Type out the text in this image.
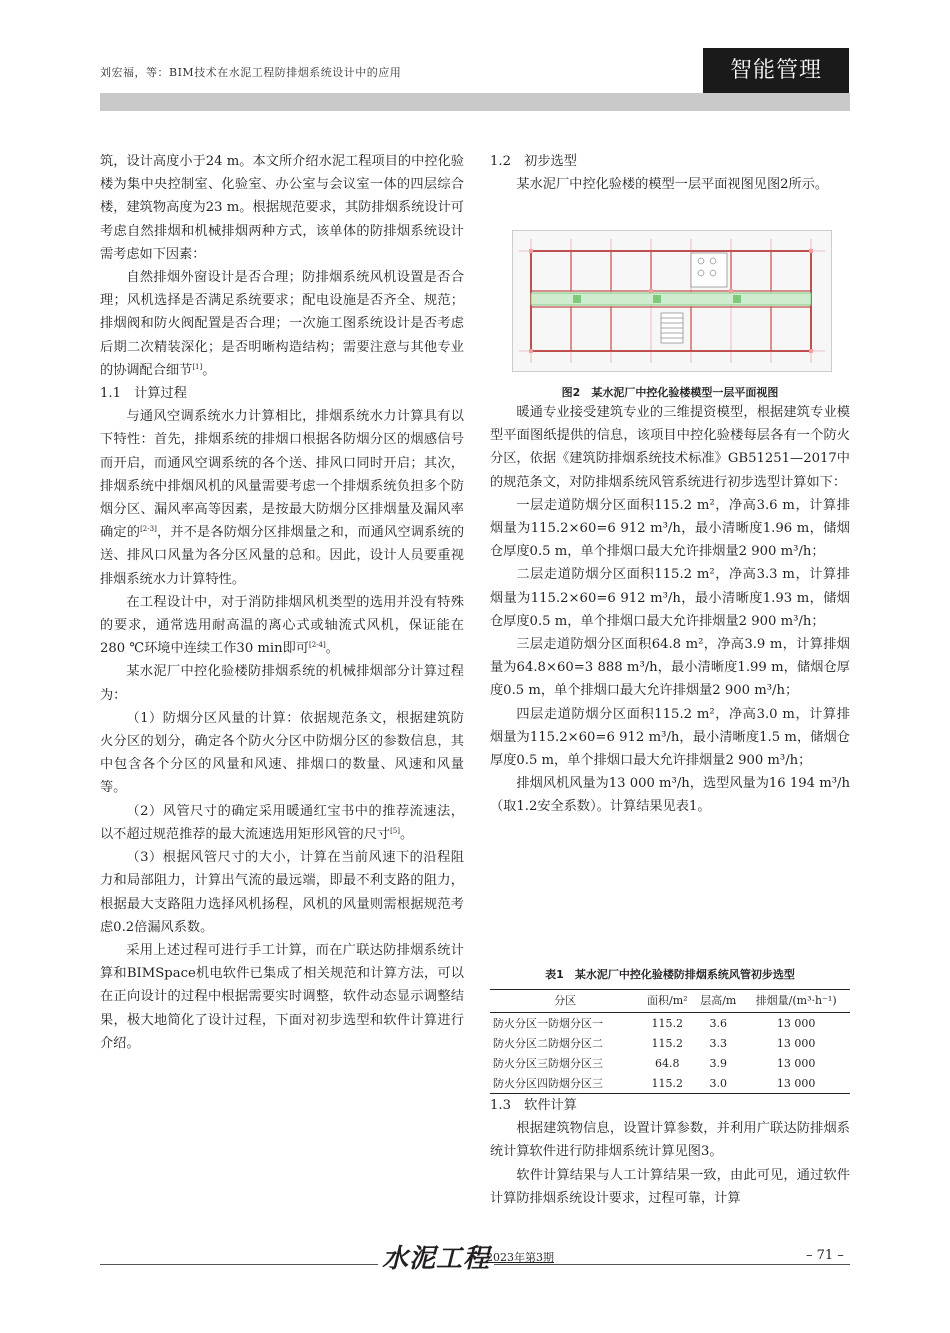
刘宏福，等：BIM技术在水泥工程防排烟系统设计中的应用	智能管理

筑，设计高度小于24 m。本文所介绍水泥工程项目的中控化验楼为集中央控制室、化验室、办公室与会议室一体的四层综合楼，建筑物高度为23 m。根据规范要求，其防排烟系统设计可考虑自然排烟和机械排烟两种方式，该单体的防排烟系统设计需考虑如下因素：

自然排烟外窗设计是否合理；防排烟系统风机设置是否合理；风机选择是否满足系统要求；配电设施是否齐全、规范；排烟阀和防火阀配置是否合理；一次施工图系统设计是否考虑后期二次精装深化；是否明晰构造结构；需要注意与其他专业的协调配合细节[1]。

1.1　计算过程

与通风空调系统水力计算相比，排烟系统水力计算具有以下特性：首先，排烟系统的排烟口根据各防烟分区的烟感信号而开启，而通风空调系统的各个送、排风口同时开启；其次，排烟系统中排烟风机的风量需要考虑一个排烟系统负担多个防烟分区、漏风率高等因素，是按最大防烟分区排烟量及漏风率确定的[2-3]，并不是各防烟分区排烟量之和，而通风空调系统的送、排风口风量为各分区风量的总和。因此，设计人员要重视排烟系统水力计算特性。

在工程设计中，对于消防排烟风机类型的选用并没有特殊的要求，通常选用耐高温的离心式或轴流式风机，保证能在280 ℃环境中连续工作30 min即可[2-4]。

某水泥厂中控化验楼防排烟系统的机械排烟部分计算过程为：

（1）防烟分区风量的计算：依据规范条文，根据建筑防火分区的划分，确定各个防火分区中防烟分区的参数信息，其中包含各个分区的风量和风速、排烟口的数量、风速和风量等。

（2）风管尺寸的确定采用暖通红宝书中的推荐流速法，以不超过规范推荐的最大流速选用矩形风管的尺寸[5]。

（3）根据风管尺寸的大小，计算在当前风速下的沿程阻力和局部阻力，计算出气流的最远端，即最不利支路的阻力，根据最大支路阻力选择风机扬程，风机的风量则需根据规范考虑0.2倍漏风系数。

采用上述过程可进行手工计算，而在广联达防排烟系统计算和BIMSpace机电软件已集成了相关规范和计算方法，可以在正向设计的过程中根据需要实时调整，软件动态显示调整结果，极大地简化了设计过程，下面对初步选型和软件计算进行介绍。

1.2　初步选型

某水泥厂中控化验楼的模型一层平面视图见图2所示。

图2　某水泥厂中控化验楼模型一层平面视图

暖通专业接受建筑专业的三维提资模型，根据建筑专业模型平面图纸提供的信息，该项目中控化验楼每层各有一个防火分区，依据《建筑防排烟系统技术标准》GB51251—2017中的规范条文，对防排烟系统风管系统进行初步选型计算如下：

一层走道防烟分区面积115.2 m²，净高3.6 m，计算排烟量为115.2×60=6 912 m³/h，最小清晰度1.96 m，储烟仓厚度0.5 m，单个排烟口最大允许排烟量2 900 m³/h；

二层走道防烟分区面积115.2 m²，净高3.3 m，计算排烟量为115.2×60=6 912 m³/h，最小清晰度1.93 m，储烟仓厚度0.5 m，单个排烟口最大允许排烟量2 900 m³/h；

三层走道防烟分区面积64.8 m²，净高3.9 m，计算排烟量为64.8×60=3 888 m³/h，最小清晰度1.99 m，储烟仓厚度0.5 m，单个排烟口最大允许排烟量2 900 m³/h；

四层走道防烟分区面积115.2 m²，净高3.0 m，计算排烟量为115.2×60=6 912 m³/h，最小清晰度1.5 m，储烟仓厚度0.5 m，单个排烟口最大允许排烟量2 900 m³/h；

排烟风机风量为13 000 m³/h，选型风量为16 194 m³/h（取1.2安全系数）。计算结果见表1。

表1　某水泥厂中控化验楼防排烟系统风管初步选型
分区	面积/m²	层高/m	排烟量/(m³·h⁻¹)
防火分区一防烟分区一	115.2	3.6	13 000
防火分区二防烟分区二	115.2	3.3	13 000
防火分区三防烟分区三	64.8	3.9	13 000
防火分区四防烟分区三	115.2	3.0	13 000
1.3　软件计算

根据建筑物信息，设置计算参数，并利用广联达防排烟系统计算软件进行防排烟系统计算见图3。

软件计算结果与人工计算结果一致，由此可见，通过软件计算防排烟系统设计要求，过程可靠，计算

水泥工程
2023年第3期	– 71 –
